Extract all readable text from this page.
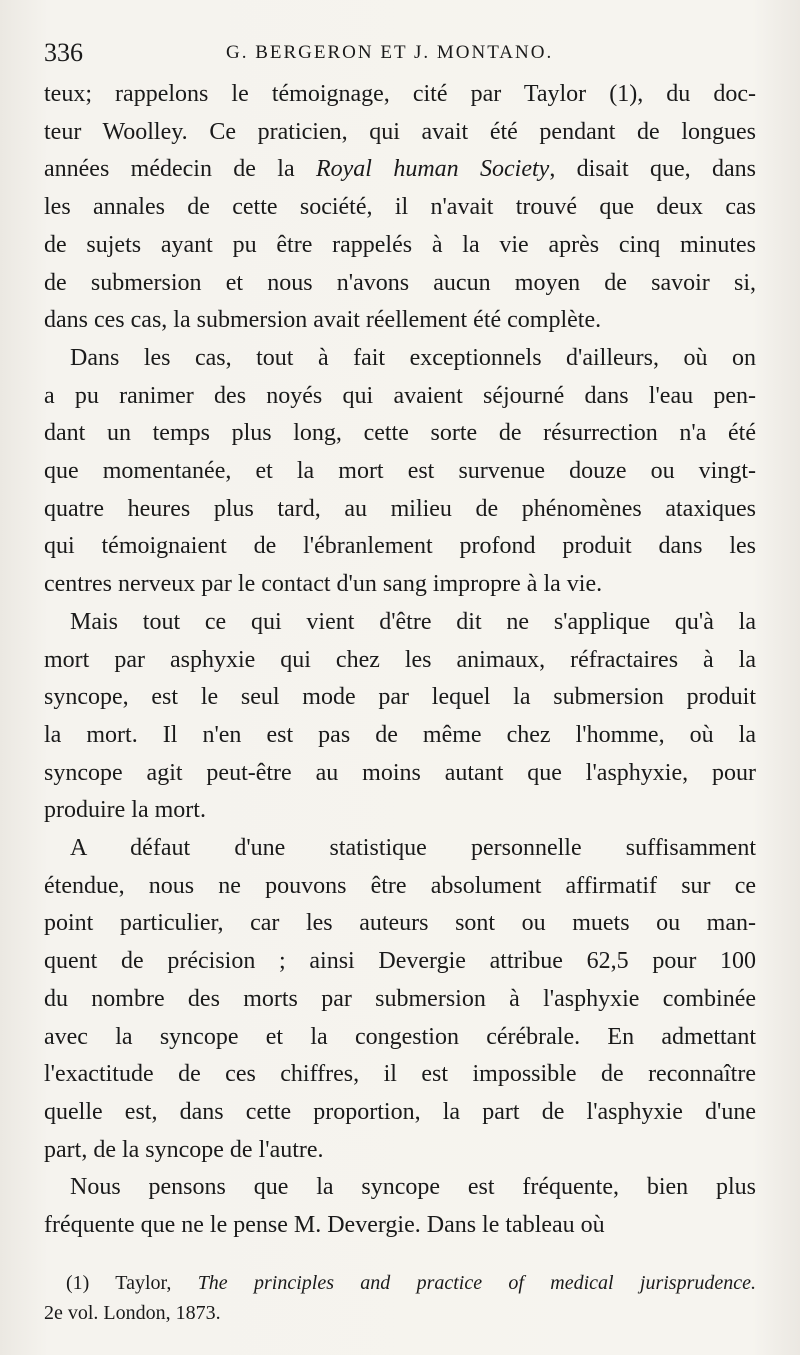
336	G. BERGERON ET J. MONTANO.

teux; rappelons le témoignage, cité par Taylor (1), du doc-

teur Woolley. Ce praticien, qui avait été pendant de longues

années médecin de la Royal human Society, disait que, dans

les annales de cette société, il n'avait trouvé que deux cas

de sujets ayant pu être rappelés à la vie après cinq minutes

de submersion et nous n'avons aucun moyen de savoir si,

dans ces cas, la submersion avait réellement été complète.

Dans les cas, tout à fait exceptionnels d'ailleurs, où on

a pu ranimer des noyés qui avaient séjourné dans l'eau pen-

dant un temps plus long, cette sorte de résurrection n'a été

que momentanée, et la mort est survenue douze ou vingt-

quatre heures plus tard, au milieu de phénomènes ataxiques

qui témoignaient de l'ébranlement profond produit dans les

centres nerveux par le contact d'un sang impropre à la vie.

Mais tout ce qui vient d'être dit ne s'applique qu'à la

mort par asphyxie qui chez les animaux, réfractaires à la

syncope, est le seul mode par lequel la submersion produit

la mort. Il n'en est pas de même chez l'homme, où la

syncope agit peut-être au moins autant que l'asphyxie, pour

produire la mort.

A défaut d'une statistique personnelle suffisamment

étendue, nous ne pouvons être absolument affirmatif sur ce

point particulier, car les auteurs sont ou muets ou man-

quent de précision ; ainsi Devergie attribue 62,5 pour 100

du nombre des morts par submersion à l'asphyxie combinée

avec la syncope et la congestion cérébrale. En admettant

l'exactitude de ces chiffres, il est impossible de reconnaître

quelle est, dans cette proportion, la part de l'asphyxie d'une

part, de la syncope de l'autre.

Nous pensons que la syncope est fréquente, bien plus

fréquente que ne le pense M. Devergie. Dans le tableau où

(1) Taylor, The principles and practice of medical jurisprudence.

2e vol. London, 1873.
